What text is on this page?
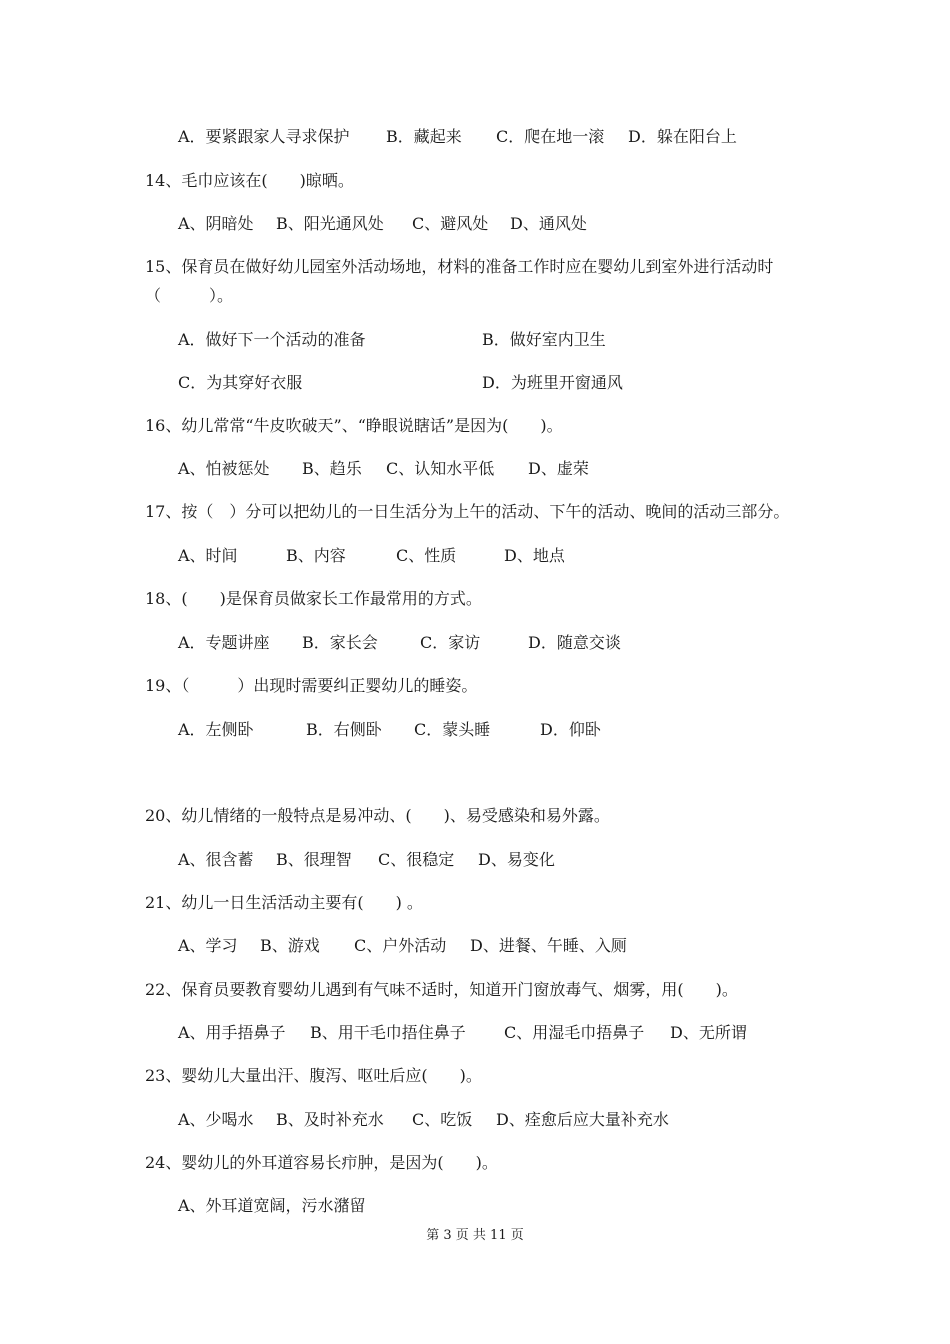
A．要紧跟家人寻求保护 B．藏起来 C．爬在地一滚 D．躲在阳台上
14、毛巾应该在(　　)晾晒。
A、阴暗处 B、阳光通风处 C、避风处 D、通风处
15、保育员在做好幼儿园室外活动场地，材料的准备工作时应在婴幼儿到室外进行活动时
（　　　）。
A．做好下一个活动的准备	B．做好室内卫生
C．为其穿好衣服	D．为班里开窗通风
16、幼儿常常“牛皮吹破天”、“睁眼说瞎话”是因为(　　)。
A、怕被惩处 B、趋乐 C、认知水平低 D、虚荣
17、按（　）分可以把幼儿的一日生活分为上午的活动、下午的活动、晚间的活动三部分。
A、时间	B、内容	C、性质	D、地点
18、(　　)是保育员做家长工作最常用的方式。
A．专题讲座 B．家长会	C．家访	D．随意交谈
19、（　　　）出现时需要纠正婴幼儿的睡姿。
A．左侧卧	B．右侧卧 C．蒙头睡	D．仰卧
20、幼儿情绪的一般特点是易冲动、(　　)、易受感染和易外露。
A、很含蓄 B、很理智 C、很稳定 D、易变化
21、幼儿一日生活活动主要有(　　) 。
A、学习 B、游戏 C、户外活动 D、进餐、午睡、入厕
22、保育员要教育婴幼儿遇到有气味不适时，知道开门窗放毒气、烟雾，用(　　)。
A、用手捂鼻子 B、用干毛巾捂住鼻子 C、用湿毛巾捂鼻子 D、无所谓
23、婴幼儿大量出汗、腹泻、呕吐后应(　　)。
A、少喝水 B、及时补充水 C、吃饭 D、痊愈后应大量补充水
24、婴幼儿的外耳道容易长疖肿，是因为(　　)。
A、外耳道宽阔，污水潴留
第 3 页 共 11 页
